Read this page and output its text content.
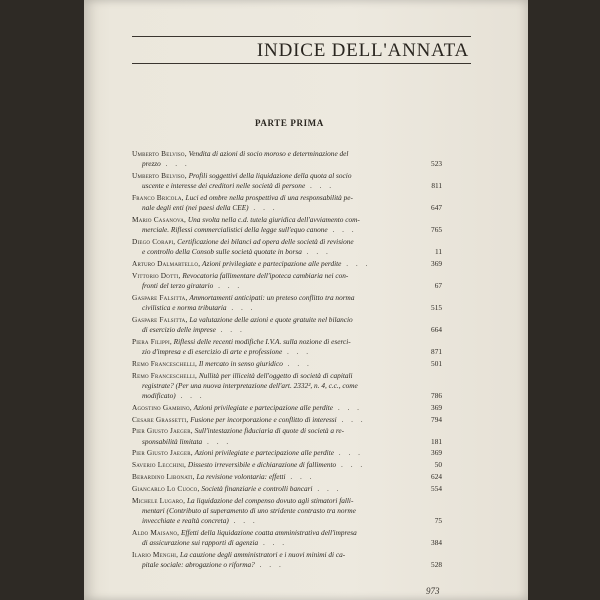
INDICE DELL'ANNATA
PARTE PRIMA
Umberto Belviso, Vendita di azioni di socio moroso e determinazione del
prezzo . . .	523
Umberto Belviso, Profili soggettivi della liquidazione della quota al socio
uscente e interesse dei creditori nelle società di persone . . .	811
Franco Bricola, Luci ed ombre nella prospettiva di una responsabilità pe-
nale degli enti (nei paesi della CEE) . . .	647
Mario Casanova, Una svolta nella c.d. tutela giuridica dell'avviamento com-
merciale. Riflessi commercialistici della legge sull'equo canone . . .	765
Diego Corapi, Certificazione dei bilanci ad opera delle società di revisione
e controllo della Consob sulle società quotate in borsa . . .	11
Arturo Dalmartello, Azioni privilegiate e partecipazione alle perdite . . .	369
Vittorio Dotti, Revocatoria fallimentare dell'ipoteca cambiaria nei con-
fronti del terzo giratario . . .	67
Gaspare Falsitta, Ammortamenti anticipati: un preteso conflitto tra norma
civilistica e norma tributaria . . .	515
Gaspare Falsitta, La valutazione delle azioni e quote gratuite nel bilancio
di esercizio delle imprese . . .	664
Piera Filippi, Riflessi delle recenti modifiche I.V.A. sulla nozione di eserci-
zio d'impresa e di esercizio di arte e professione . . .	871
Remo Franceschelli, Il mercato in senso giuridico . . .	501
Remo Franceschelli, Nullità per illiceità dell'oggetto di società di capitali
registrate? (Per una nuova interpretazione dell'art. 2332², n. 4, c.c., come
modificato) . . .	786
Agostino Gambino, Azioni privilegiate e partecipazione alle perdite . . .	369
Cesare Grassetti, Fusione per incorporazione e conflitto di interessi . . .	794
Pier Giusto Jaeger, Sull'intestazione fiduciaria di quote di società a re-
sponsabilità limitata . . .	181
Pier Giusto Jaeger, Azioni privilegiate e partecipazione alle perdite . . .	369
Saverio Lecchini, Dissesto irreversibile e dichiarazione di fallimento . . .	50
Berardino Libonati, La revisione volontaria: effetti . . .	624
Giancarlo Lo Cuoco, Società finanziarie e controlli bancari . . .	554
Michele Lugaro, La liquidazione del compenso dovuto agli stimatori falli-
mentari (Contributo al superamento di uno stridente contrasto tra norme
invecchiate e realtà concreta) . . .	75
Aldo Maisano, Effetti della liquidazione coatta amministrativa dell'impresa
di assicurazione sui rapporti di agenzia . . .	384
Ilario Menghi, La cauzione degli amministratori e i nuovi minimi di ca-
pitale sociale: abrogazione o riforma? . . .	528
973
